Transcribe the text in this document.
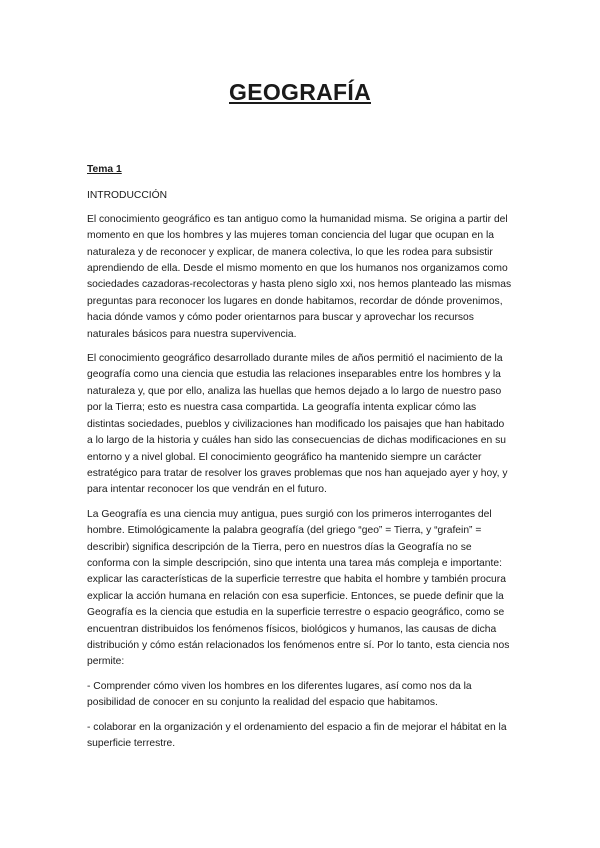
GEOGRAFÍA

Tema 1

INTRODUCCIÓN

El conocimiento geográfico es tan antiguo como la humanidad misma. Se origina a partir del momento en que los hombres y las mujeres toman conciencia del lugar que ocupan en la naturaleza y de reconocer y explicar, de manera colectiva, lo que les rodea para subsistir aprendiendo de ella. Desde el mismo momento en que los humanos nos organizamos como sociedades cazadoras-recolectoras y hasta pleno siglo xxi, nos hemos planteado las mismas preguntas para reconocer los lugares en donde habitamos, recordar de dónde provenimos, hacia dónde vamos y cómo poder orientarnos para buscar y aprovechar los recursos naturales básicos para nuestra supervivencia.

El conocimiento geográfico desarrollado durante miles de años permitió el nacimiento de la geografía como una ciencia que estudia las relaciones inseparables entre los hombres y la naturaleza y, que por ello, analiza las huellas que hemos dejado a lo largo de nuestro paso por la Tierra; esto es nuestra casa compartida. La geografía intenta explicar cómo las distintas sociedades, pueblos y civilizaciones han modificado los paisajes que han habitado a lo largo de la historia y cuáles han sido las consecuencias de dichas modificaciones en su entorno y a nivel global. El conocimiento geográfico ha mantenido siempre un carácter estratégico para tratar de resolver los graves problemas que nos han aquejado ayer y hoy, y para intentar reconocer los que vendrán en el futuro.

La Geografía es una ciencia muy antigua, pues surgió con los primeros interrogantes del hombre. Etimológicamente la palabra geografía (del griego “geo” = Tierra, y “grafein” = describir) significa descripción de la Tierra, pero en nuestros días la Geografía no se conforma con la simple descripción, sino que intenta una tarea más compleja e importante: explicar las características de la superficie terrestre que habita el hombre y también procura explicar la acción humana en relación con esa superficie. Entonces, se puede definir que la Geografía es la ciencia que estudia en la superficie terrestre o espacio geográfico, como se encuentran distribuidos los fenómenos físicos, biológicos y humanos, las causas de dicha distribución y cómo están relacionados los fenómenos entre sí. Por lo tanto, esta ciencia nos permite:

- Comprender cómo viven los hombres en los diferentes lugares, así como nos da la posibilidad de conocer en su conjunto la realidad del espacio que habitamos.

- colaborar en la organización y el ordenamiento del espacio a fin de mejorar el hábitat en la superficie terrestre.
